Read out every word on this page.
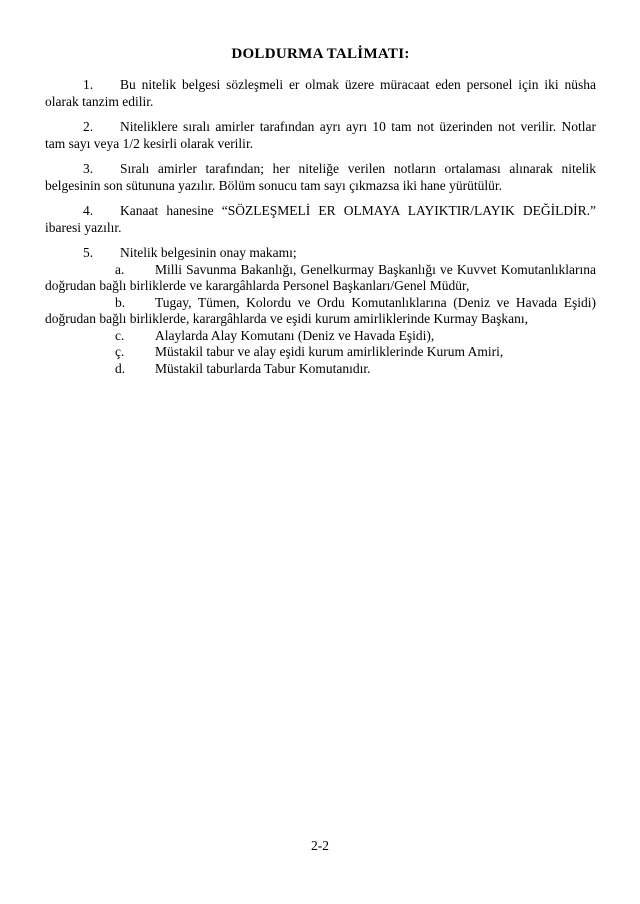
DOLDURMA TALİMATI:

1. Bu nitelik belgesi sözleşmeli er olmak üzere müracaat eden personel için iki nüsha olarak tanzim edilir.

2. Niteliklere sıralı amirler tarafından ayrı ayrı 10 tam not üzerinden not verilir. Notlar tam sayı veya 1/2 kesirli olarak verilir.

3. Sıralı amirler tarafından; her niteliğe verilen notların ortalaması alınarak nitelik belgesinin son sütununa yazılır. Bölüm sonucu tam sayı çıkmazsa iki hane yürütülür.

4. Kanaat hanesine “SÖZLEŞMELİ ER OLMAYA LAYIKTIR/LAYIK DEĞİLDİR.” ibaresi yazılır.

5. Nitelik belgesinin onay makamı;

a. Milli Savunma Bakanlığı, Genelkurmay Başkanlığı ve Kuvvet Komutanlıklarına doğrudan bağlı birliklerde ve karargâhlarda Personel Başkanları/Genel Müdür,

b. Tugay, Tümen, Kolordu ve Ordu Komutanlıklarına (Deniz ve Havada Eşidi) doğrudan bağlı birliklerde, karargâhlarda ve eşidi kurum amirliklerinde Kurmay Başkanı,

c. Alaylarda Alay Komutanı (Deniz ve Havada Eşidi),

ç. Müstakil tabur ve alay eşidi kurum amirliklerinde Kurum Amiri,

d. Müstakil taburlarda Tabur Komutanıdır.

2-2
